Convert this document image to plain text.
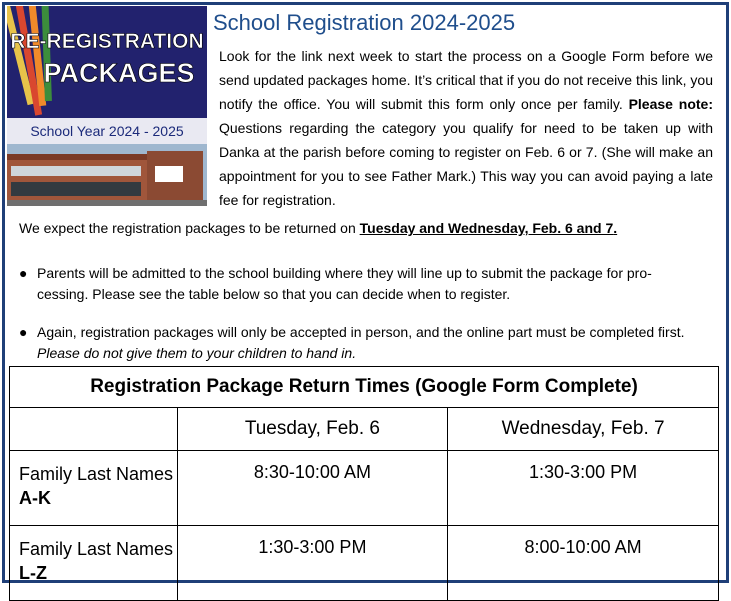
RE-REGISTRATION
PACKAGES
School Year 2024 - 2025
School Registration 2024-2025
Look for the link next week to start the process on a Google Form before we send updated packages home. It’s critical that if you do not receive this link, you notify the office. You will submit this form only once per family. Please note: Questions regarding the category you qualify for need to be taken up with Danka at the parish before coming to register on Feb. 6 or 7. (She will make an appointment for you to see Father Mark.) This way you can avoid paying a late fee for registration.
We expect the registration packages to be returned on Tuesday and Wednesday, Feb. 6 and 7.
● Parents will be admitted to the school building where they will line up to submit the package for pro-cessing. Please see the table below so that you can decide when to register.
● Again, registration packages will only be accepted in person, and the online part must be completed first. Please do not give them to your children to hand in.
Registration Package Return Times (Google Form Complete)		
	Tuesday, Feb. 6	Wednesday, Feb. 7
Family Last Names A-K	8:30-10:00 AM	1:30-3:00 PM
Family Last Names L-Z	1:30-3:00 PM	8:00-10:00 AM
